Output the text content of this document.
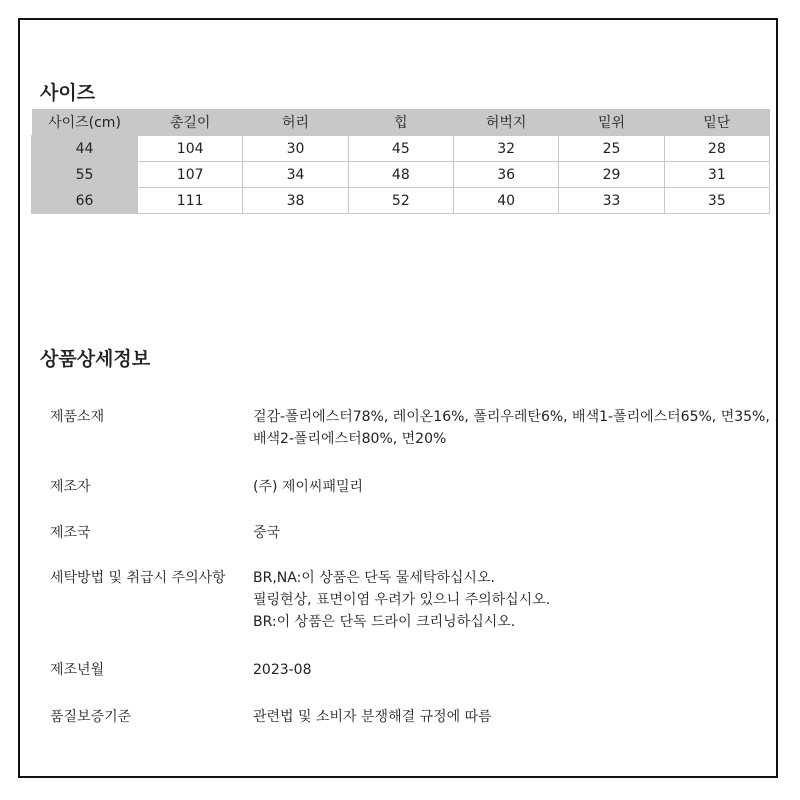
사이즈
사이즈(cm)	총길이	허리	힙	허벅지	밑위	밑단
44	104	30	45	32	25	28
55	107	34	48	36	29	31
66	111	38	52	40	33	35
상품상세정보
제품소재	겉감-폴리에스터78%, 레이온16%, 폴리우레탄6%, 배색1-폴리에스터65%, 면35%,
배색2-폴리에스터80%, 면20%
제조자	(주) 제이씨패밀리
제조국	중국
세탁방법 및 취급시 주의사항	BR,NA:이 상품은 단독 물세탁하십시오.
필링현상, 표면이염 우려가 있으니 주의하십시오.
BR:이 상품은 단독 드라이 크리닝하십시오.
제조년월	2023-08
품질보증기준	관련법 및 소비자 분쟁해결 규정에 따름
